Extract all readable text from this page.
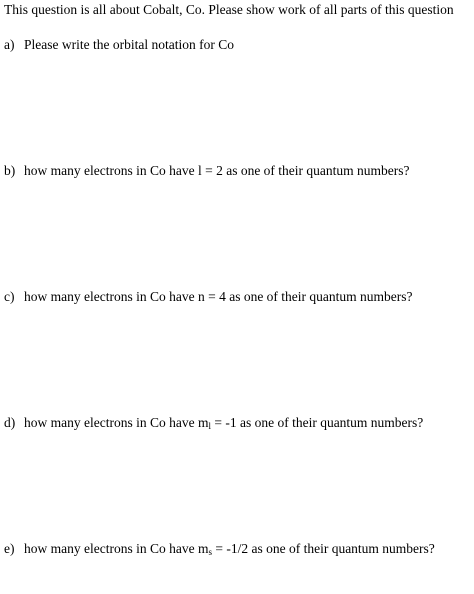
This question is all about Cobalt, Co. Please show work of all parts of this question
a) Please write the orbital notation for Co
b) how many electrons in Co have l = 2 as one of their quantum numbers?
c) how many electrons in Co have n = 4 as one of their quantum numbers?
d) how many electrons in Co have $m_l = -1$ as one of their quantum numbers?
e) how many electrons in Co have $m_s = -1/2$ as one of their quantum numbers?
